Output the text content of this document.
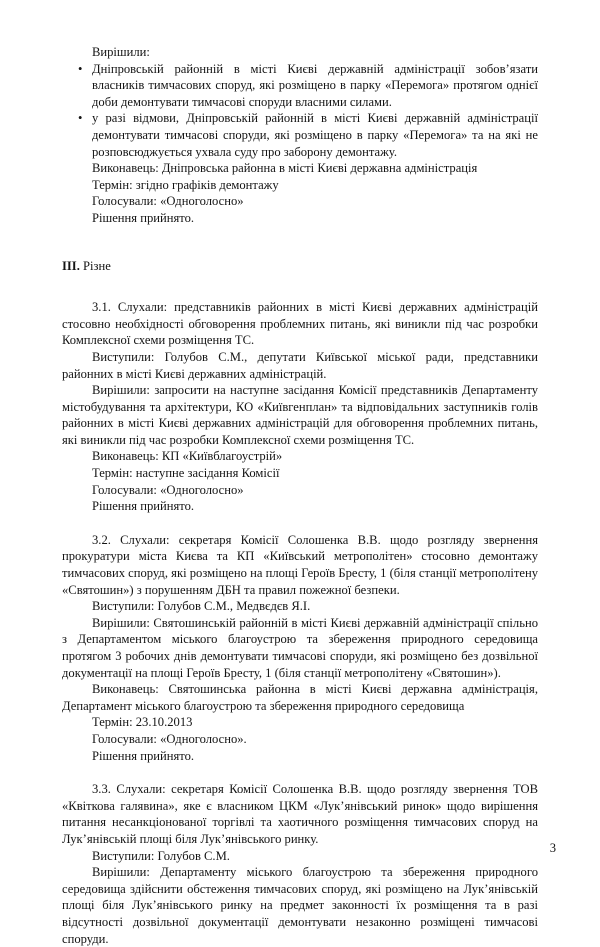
Вирішили:

• Дніпровській районній в місті Києві державній адміністрації зобов’язати власників тимчасових споруд, які розміщено в парку «Перемога» протягом однієї доби демонтувати тимчасові споруди власними силами.
• у разі відмови, Дніпровській районній в місті Києві державній адміністрації демонтувати тимчасові споруди, які розміщено в парку «Перемога» та на які не розповсюджується ухвала суду про заборону демонтажу.

Виконавець: Дніпровська районна в місті Києві державна адміністрація

Термін: згідно графіків демонтажу

Голосували: «Одноголосно»

Рішення прийнято.

III. Різне

3.1. Слухали: представників районних в місті Києві державних адміністрацій стосовно необхідності обговорення проблемних питань, які виникли під час розробки Комплексної схеми розміщення ТС.

Виступили: Голубов С.М., депутати Київської міської ради, представники районних в місті Києві державних адміністрацій.

Вирішили: запросити на наступне засідання Комісії представників Департаменту містобудування та архітектури, КО «Київгенплан» та відповідальних заступників голів районних в місті Києві державних адміністрацій для обговорення проблемних питань, які виникли під час розробки Комплексної схеми розміщення ТС.

Виконавець: КП «Київблагоустрій»

Термін: наступне засідання Комісії

Голосували: «Одноголосно»

Рішення прийнято.

3.2. Слухали: секретаря Комісії Солошенка В.В. щодо розгляду звернення прокуратури міста Києва та КП «Київський метрополітен» стосовно демонтажу тимчасових споруд, які розміщено на площі Героїв Бресту, 1 (біля станції метрополітену «Святошин») з порушенням ДБН та правил пожежної безпеки.

Виступили: Голубов С.М., Медвєдєв Я.І.

Вирішили: Святошинській районній в місті Києві державній адміністрації спільно з Департаментом міського благоустрою та збереження природного середовища протягом 3 робочих днів демонтувати тимчасові споруди, які розміщено без дозвільної документації на площі Героїв Бресту, 1 (біля станції метрополітену «Святошин»).

Виконавець: Святошинська районна в місті Києві державна адміністрація, Департамент міського благоустрою та збереження природного середовища

Термін: 23.10.2013

Голосували: «Одноголосно».

Рішення прийнято.

3.3. Слухали: секретаря Комісії Солошенка В.В. щодо розгляду звернення ТОВ «Квіткова галявина», яке є власником ЦКМ «Лук’янівський ринок» щодо вирішення питання несанкціонованої торгівлі та хаотичного розміщення тимчасових споруд на Лук’янівській площі біля Лук’янівського ринку.

Виступили: Голубов С.М.

Вирішили: Департаменту міського благоустрою та збереження природного середовища здійснити обстеження тимчасових споруд, які розміщено на Лук’янівській площі біля Лук’янівського ринку на предмет законності їх розміщення та в разі відсутності дозвільної документації демонтувати незаконно розміщені тимчасові споруди.

3
